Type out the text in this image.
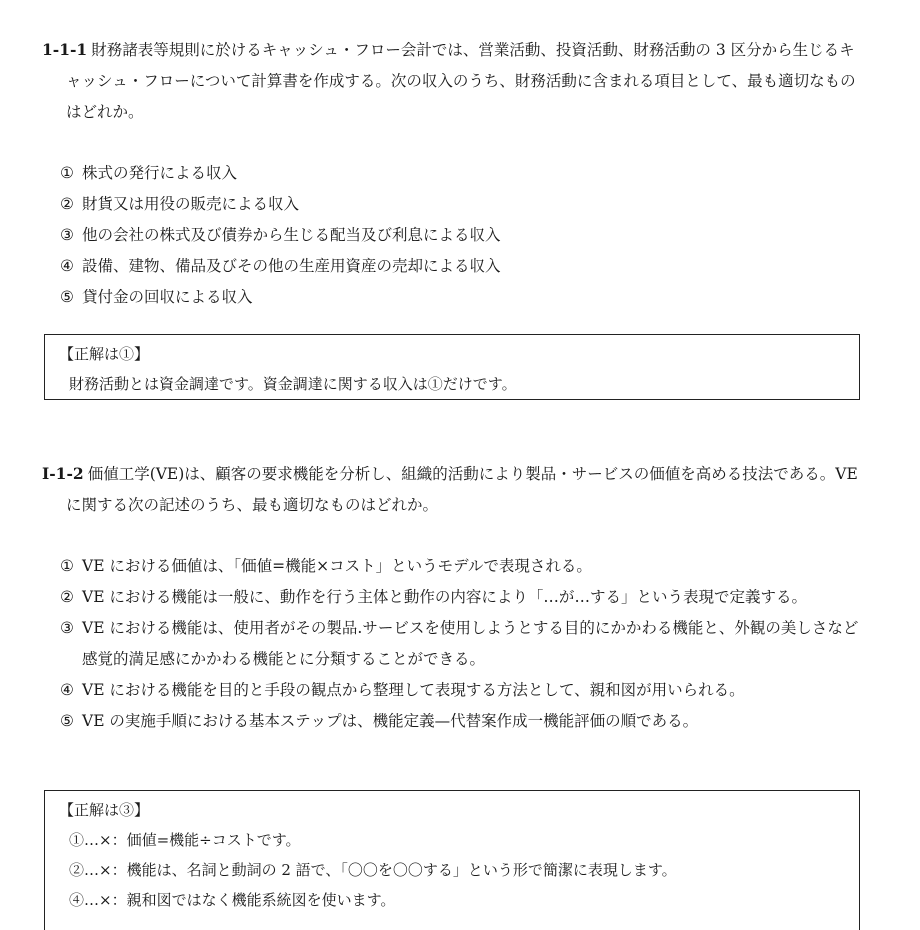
1-1-1 財務諸表等規則に於けるキャッシュ・フロー会計では、営業活動、投資活動、財務活動の 3 区分から生じるキャッシュ・フローについて計算書を作成する。次の収入のうち、財務活動に含まれる項目として、最も適切なものはどれか。

① 株式の発行による収入
② 財貨又は用役の販売による収入
③ 他の会社の株式及び債券から生じる配当及び利息による収入
④ 設備、建物、備品及びその他の生産用資産の売却による収入
⑤ 貸付金の回収による収入

【正解は①】

財務活動とは資金調達です。資金調達に関する収入は①だけです。

I-1-2 価値工学(VE)は、顧客の要求機能を分析し、組織的活動により製品・サービスの価値を高める技法である。VE に関する次の記述のうち、最も適切なものはどれか。

① VE における価値は、「価値=機能×コスト」というモデルで表現される。
② VE における機能は一般に、動作を行う主体と動作の内容により「…が…する」という表現で定義する。
③ VE における機能は、使用者がその製品.サービスを使用しようとする目的にかかわる機能と、外観の美しさなど感覚的満足感にかかわる機能とに分類することができる。
④ VE における機能を目的と手段の観点から整理して表現する方法として、親和図が用いられる。
⑤ VE の実施手順における基本ステップは、機能定義—代替案作成一機能評価の順である。

【正解は③】

①…×：価値=機能÷コストです。

②…×：機能は、名詞と動詞の 2 語で、「〇〇を〇〇する」という形で簡潔に表現します。

④…×：親和図ではなく機能系統図を使います。
